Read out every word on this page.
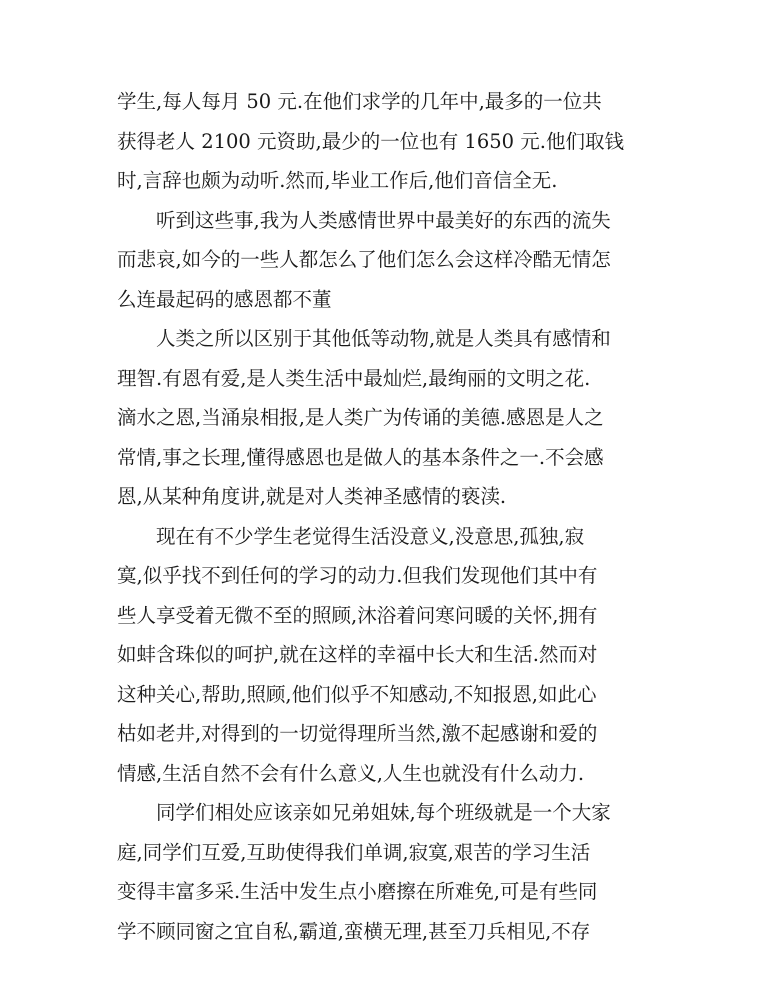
学生,每人每月 50 元.在他们求学的几年中,最多的一位共
获得老人 2100 元资助,最少的一位也有 1650 元.他们取钱
时,言辞也颇为动听.然而,毕业工作后,他们音信全无.
听到这些事,我为人类感情世界中最美好的东西的流失
而悲哀,如今的一些人都怎么了他们怎么会这样冷酷无情怎
么连最起码的感恩都不董
人类之所以区别于其他低等动物,就是人类具有感情和
理智.有恩有爱,是人类生活中最灿烂,最绚丽的文明之花.
滴水之恩,当涌泉相报,是人类广为传诵的美德.感恩是人之
常情,事之长理,懂得感恩也是做人的基本条件之一.不会感
恩,从某种角度讲,就是对人类神圣感情的亵渎.
现在有不少学生老觉得生活没意义,没意思,孤独,寂
寞,似乎找不到任何的学习的动力.但我们发现他们其中有
些人享受着无微不至的照顾,沐浴着问寒问暖的关怀,拥有
如蚌含珠似的呵护,就在这样的幸福中长大和生活.然而对
这种关心,帮助,照顾,他们似乎不知感动,不知报恩,如此心
枯如老井,对得到的一切觉得理所当然,激不起感谢和爱的
情感,生活自然不会有什么意义,人生也就没有什么动力.
同学们相处应该亲如兄弟姐妹,每个班级就是一个大家
庭,同学们互爱,互助使得我们单调,寂寞,艰苦的学习生活
变得丰富多采.生活中发生点小磨擦在所难免,可是有些同
学不顾同窗之宜自私,霸道,蛮横无理,甚至刀兵相见,不存
